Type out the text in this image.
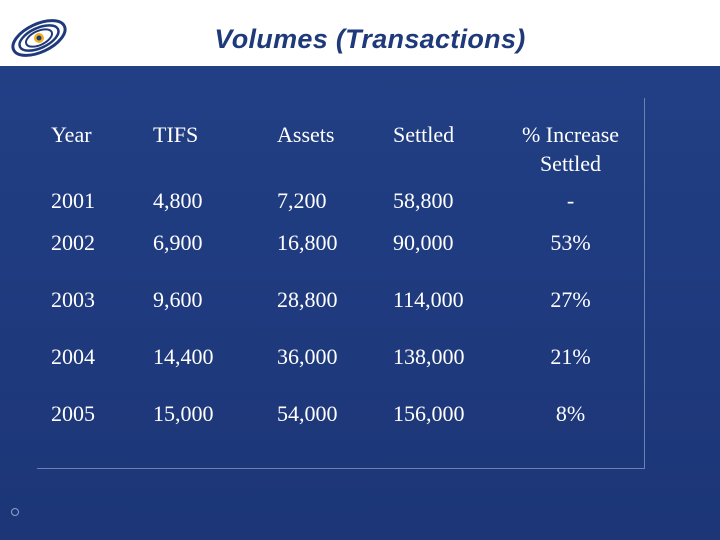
Volumes (Transactions)
Year	TIFS	Assets	Settled	% Increase Settled
2001	4,800	7,200	58,800	-
2002	6,900	16,800	90,000	53%
2003	9,600	28,800	114,000	27%
2004	14,400	36,000	138,000	21%
2005	15,000	54,000	156,000	8%
